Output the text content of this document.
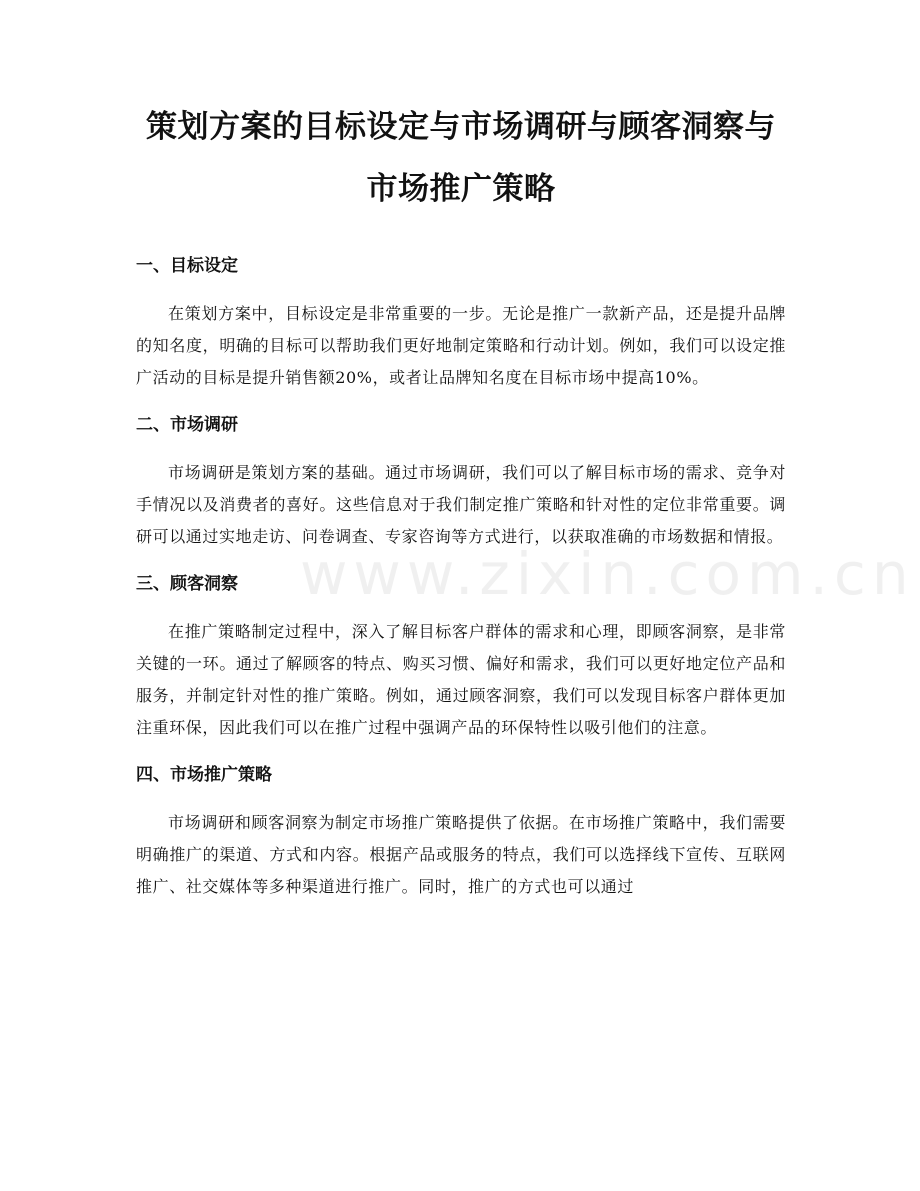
策划方案的目标设定与市场调研与顾客洞察与市场推广策略
一、目标设定

在策划方案中，目标设定是非常重要的一步。无论是推广一款新产品，还是提升品牌的知名度，明确的目标可以帮助我们更好地制定策略和行动计划。例如，我们可以设定推广活动的目标是提升销售额20%，或者让品牌知名度在目标市场中提高10%。

二、市场调研

市场调研是策划方案的基础。通过市场调研，我们可以了解目标市场的需求、竞争对手情况以及消费者的喜好。这些信息对于我们制定推广策略和针对性的定位非常重要。调研可以通过实地走访、问卷调查、专家咨询等方式进行，以获取准确的市场数据和情报。

三、顾客洞察

在推广策略制定过程中，深入了解目标客户群体的需求和心理，即顾客洞察，是非常关键的一环。通过了解顾客的特点、购买习惯、偏好和需求，我们可以更好地定位产品和服务，并制定针对性的推广策略。例如，通过顾客洞察，我们可以发现目标客户群体更加注重环保，因此我们可以在推广过程中强调产品的环保特性以吸引他们的注意。

四、市场推广策略

市场调研和顾客洞察为制定市场推广策略提供了依据。在市场推广策略中，我们需要明确推广的渠道、方式和内容。根据产品或服务的特点，我们可以选择线下宣传、互联网推广、社交媒体等多种渠道进行推广。同时，推广的方式也可以通过

www.zixin.com.cn
